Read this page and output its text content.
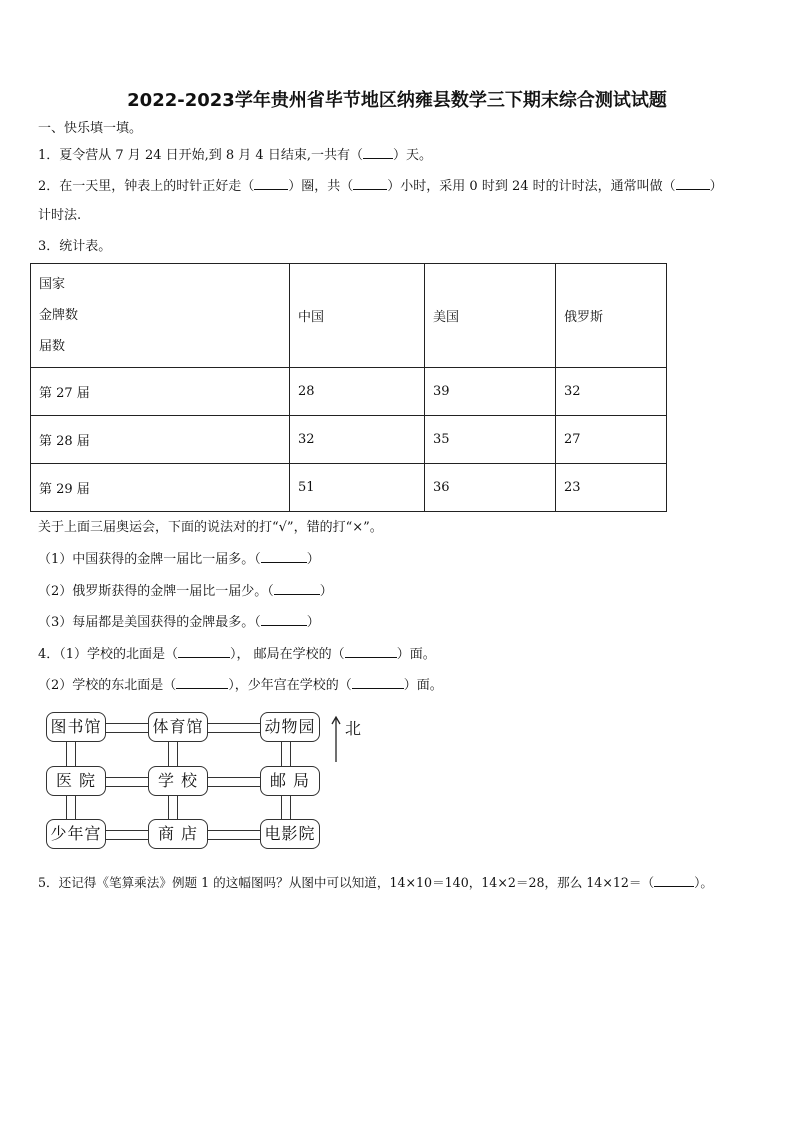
2022-2023学年贵州省毕节地区纳雍县数学三下期末综合测试试题
一、快乐填一填。
1．夏令营从 7 月 24 日开始,到 8 月 4 日结束,一共有（ ）天。
2．在一天里，钟表上的时针正好走（	）圈，共（	）小时，采用 0 时到 24 时的计时法，通常叫做（	）
计时法.
3．统计表。
国家
金牌数
届数	中国	美国	俄罗斯
第 27 届	28	39	32
第 28 届	32	35	27
第 29 届	51	36	23
关于上面三届奥运会，下面的说法对的打“√”，错的打“×”。
（1）中国获得的金牌一届比一届多。（	）
（2）俄罗斯获得的金牌一届比一届少。（	）
（3）每届都是美国获得的金牌最多。（	）
4．（1）学校的北面是（	）， 邮局在学校的（	）面。
（2）学校的东北面是（	），少年宫在学校的（	）面。
图书馆	体育馆	动物园
医 院	学 校	邮 局
少年宫	商 店	电影院
北
5．还记得《笔算乘法》例题 1 的这幅图吗？从图中可以知道，14×10＝140，14×2＝28，那么 14×12＝（	）。
